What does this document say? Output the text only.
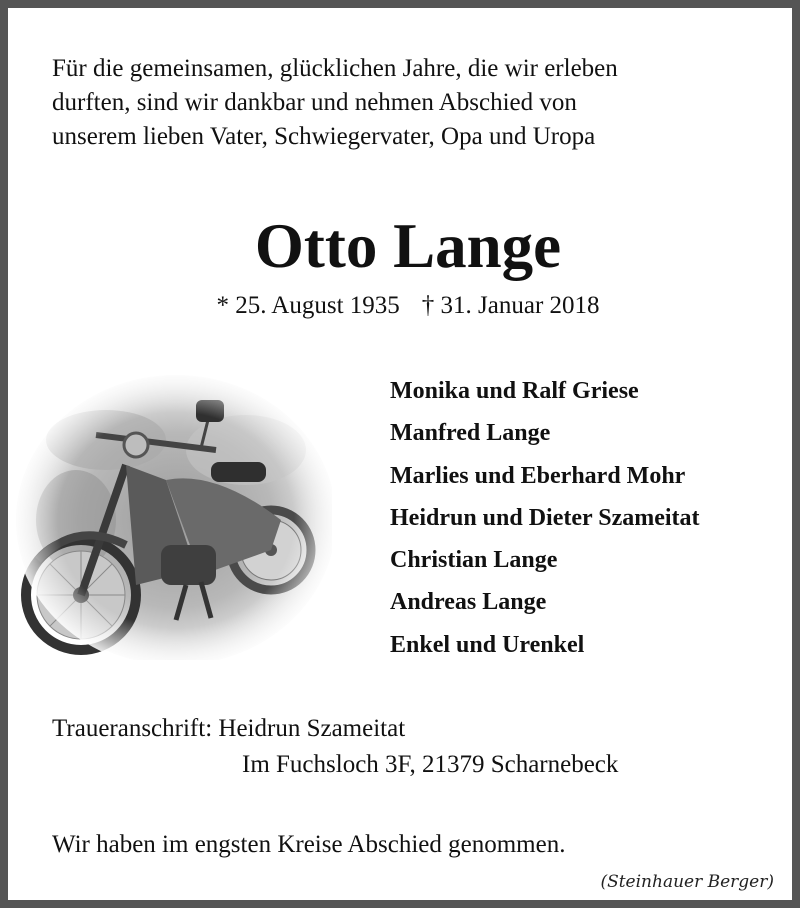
Für die gemeinsamen, glücklichen Jahre, die wir erleben
durften, sind wir dankbar und nehmen Abschied von
unserem lieben Vater, Schwiegervater, Opa und Uropa

Otto Lange
* 25. August 1935 † 31. Januar 2018
Monika und Ralf Griese
Manfred Lange
Marlies und Eberhard Mohr
Heidrun und Dieter Szameitat
Christian Lange
Andreas Lange
Enkel und Urenkel
Traueranschrift: Heidrun Szameitat
Im Fuchsloch 3F, 21379 Scharnebeck
Wir haben im engsten Kreise Abschied genommen.
(Steinhauer Berger)
